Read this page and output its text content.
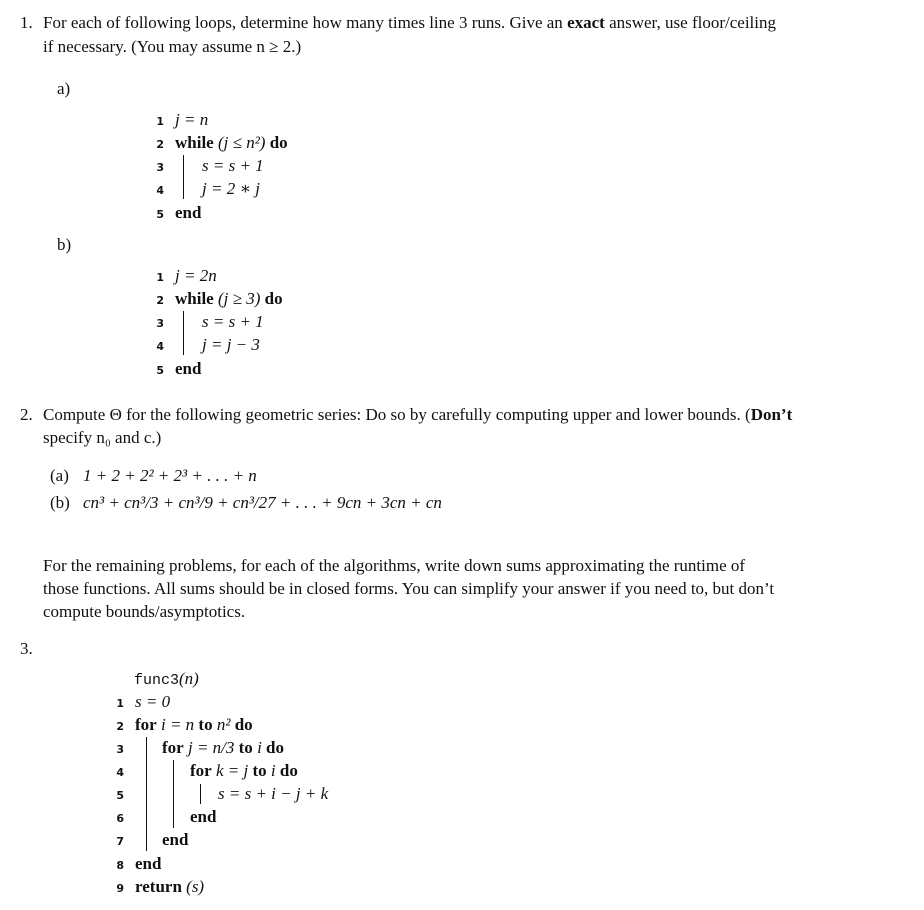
1. For each of following loops, determine how many times line 3 runs. Give an exact answer, use floor/ceiling
if necessary. (You may assume n ≥ 2.)
a)
1 j = n
2 while (j ≤ n²) do
3 s = s + 1
4 j = 2 ∗ j
5 end
b)
1 j = 2n
2 while (j ≥ 3) do
3 s = s + 1
4 j = j − 3
5 end
2. Compute Θ for the following geometric series: Do so by carefully computing upper and lower bounds. (Don’t
specify n₀ and c.)
(a) 1 + 2 + 2² + 2³ + . . . + n
(b) cn³ + cn³/3 + cn³/9 + cn³/27 + . . . + 9cn + 3cn + cn
For the remaining problems, for each of the algorithms, write down sums approximating the runtime of
those functions. All sums should be in closed forms. You can simplify your answer if you need to, but don’t
compute bounds/asymptotics.
3.
func3(n)
1 s = 0
2 for i = n to n² do
3 for j = n/3 to i do
4	for k = j to i do
5	s = s + i − j + k
6	end
7 end
8 end
9 return (s)
